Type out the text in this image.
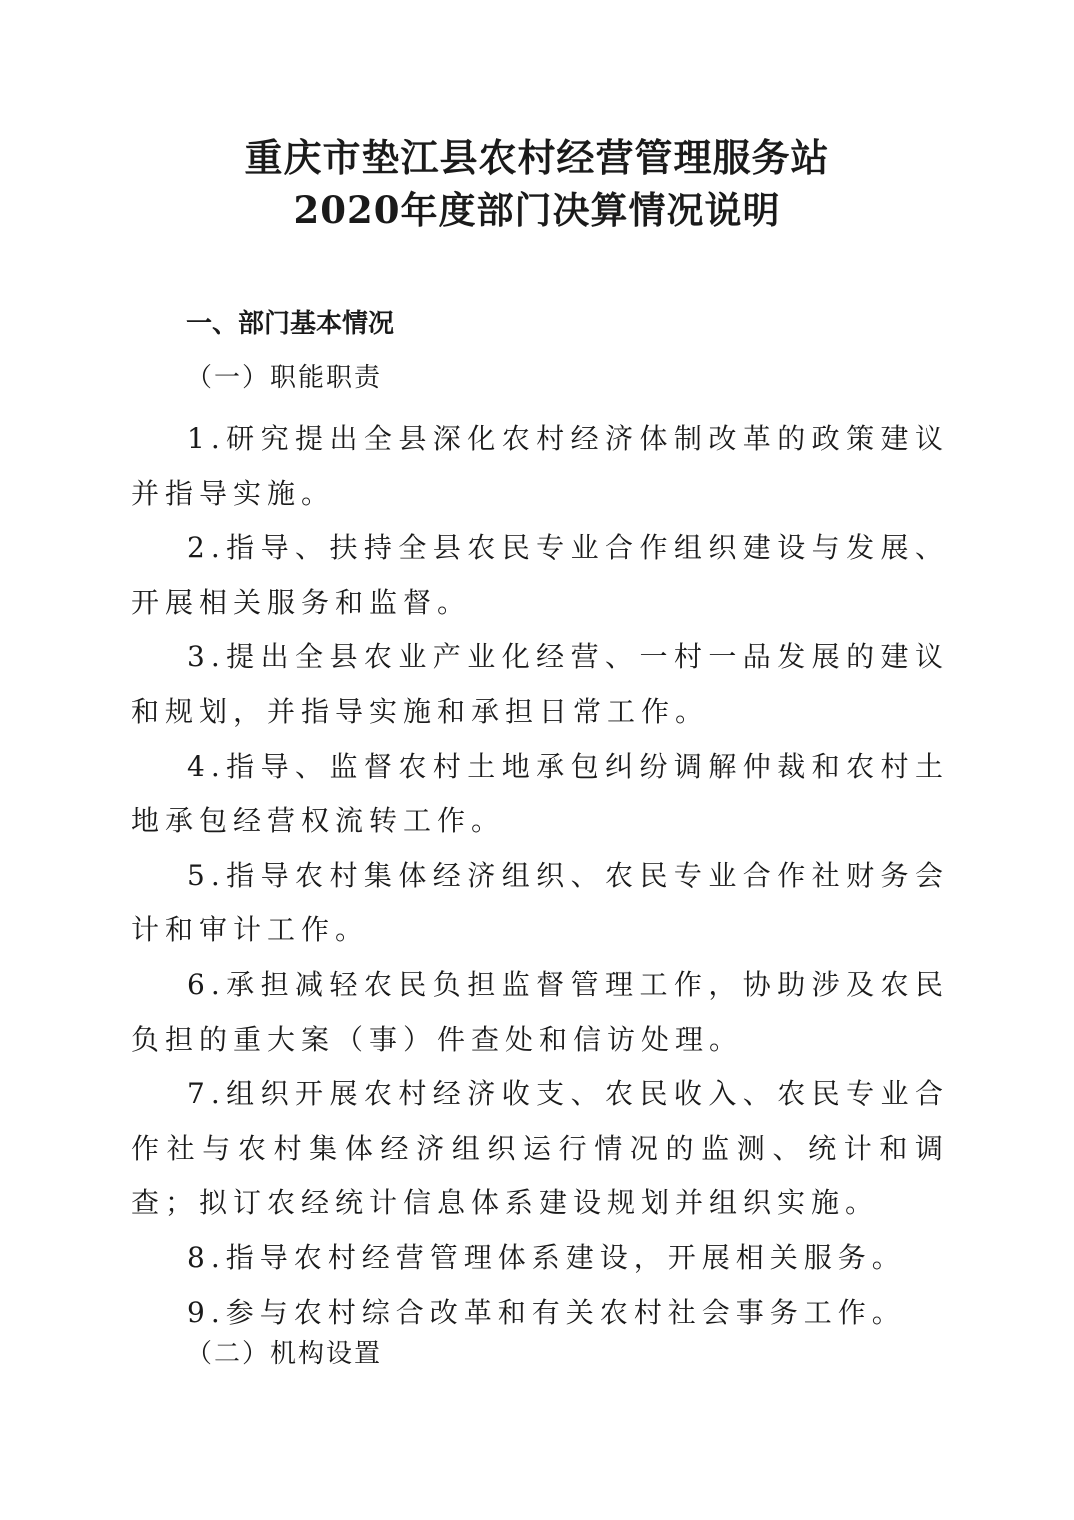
重庆市垫江县农村经营管理服务站
2020年度部门决算情况说明
一、部门基本情况
（一）职能职责
1.研究提出全县深化农村经济体制改革的政策建议并指导实施。
2.指导、扶持全县农民专业合作组织建设与发展、开展相关服务和监督。
3.提出全县农业产业化经营、一村一品发展的建议和规划，并指导实施和承担日常工作。
4.指导、监督农村土地承包纠纷调解仲裁和农村土地承包经营权流转工作。
5.指导农村集体经济组织、农民专业合作社财务会计和审计工作。
6.承担减轻农民负担监督管理工作，协助涉及农民负担的重大案（事）件查处和信访处理。
7.组织开展农村经济收支、农民收入、农民专业合作社与农村集体经济组织运行情况的监测、统计和调查；拟订农经统计信息体系建设规划并组织实施。
8.指导农村经营管理体系建设，开展相关服务。
9.参与农村综合改革和有关农村社会事务工作。
（二）机构设置
